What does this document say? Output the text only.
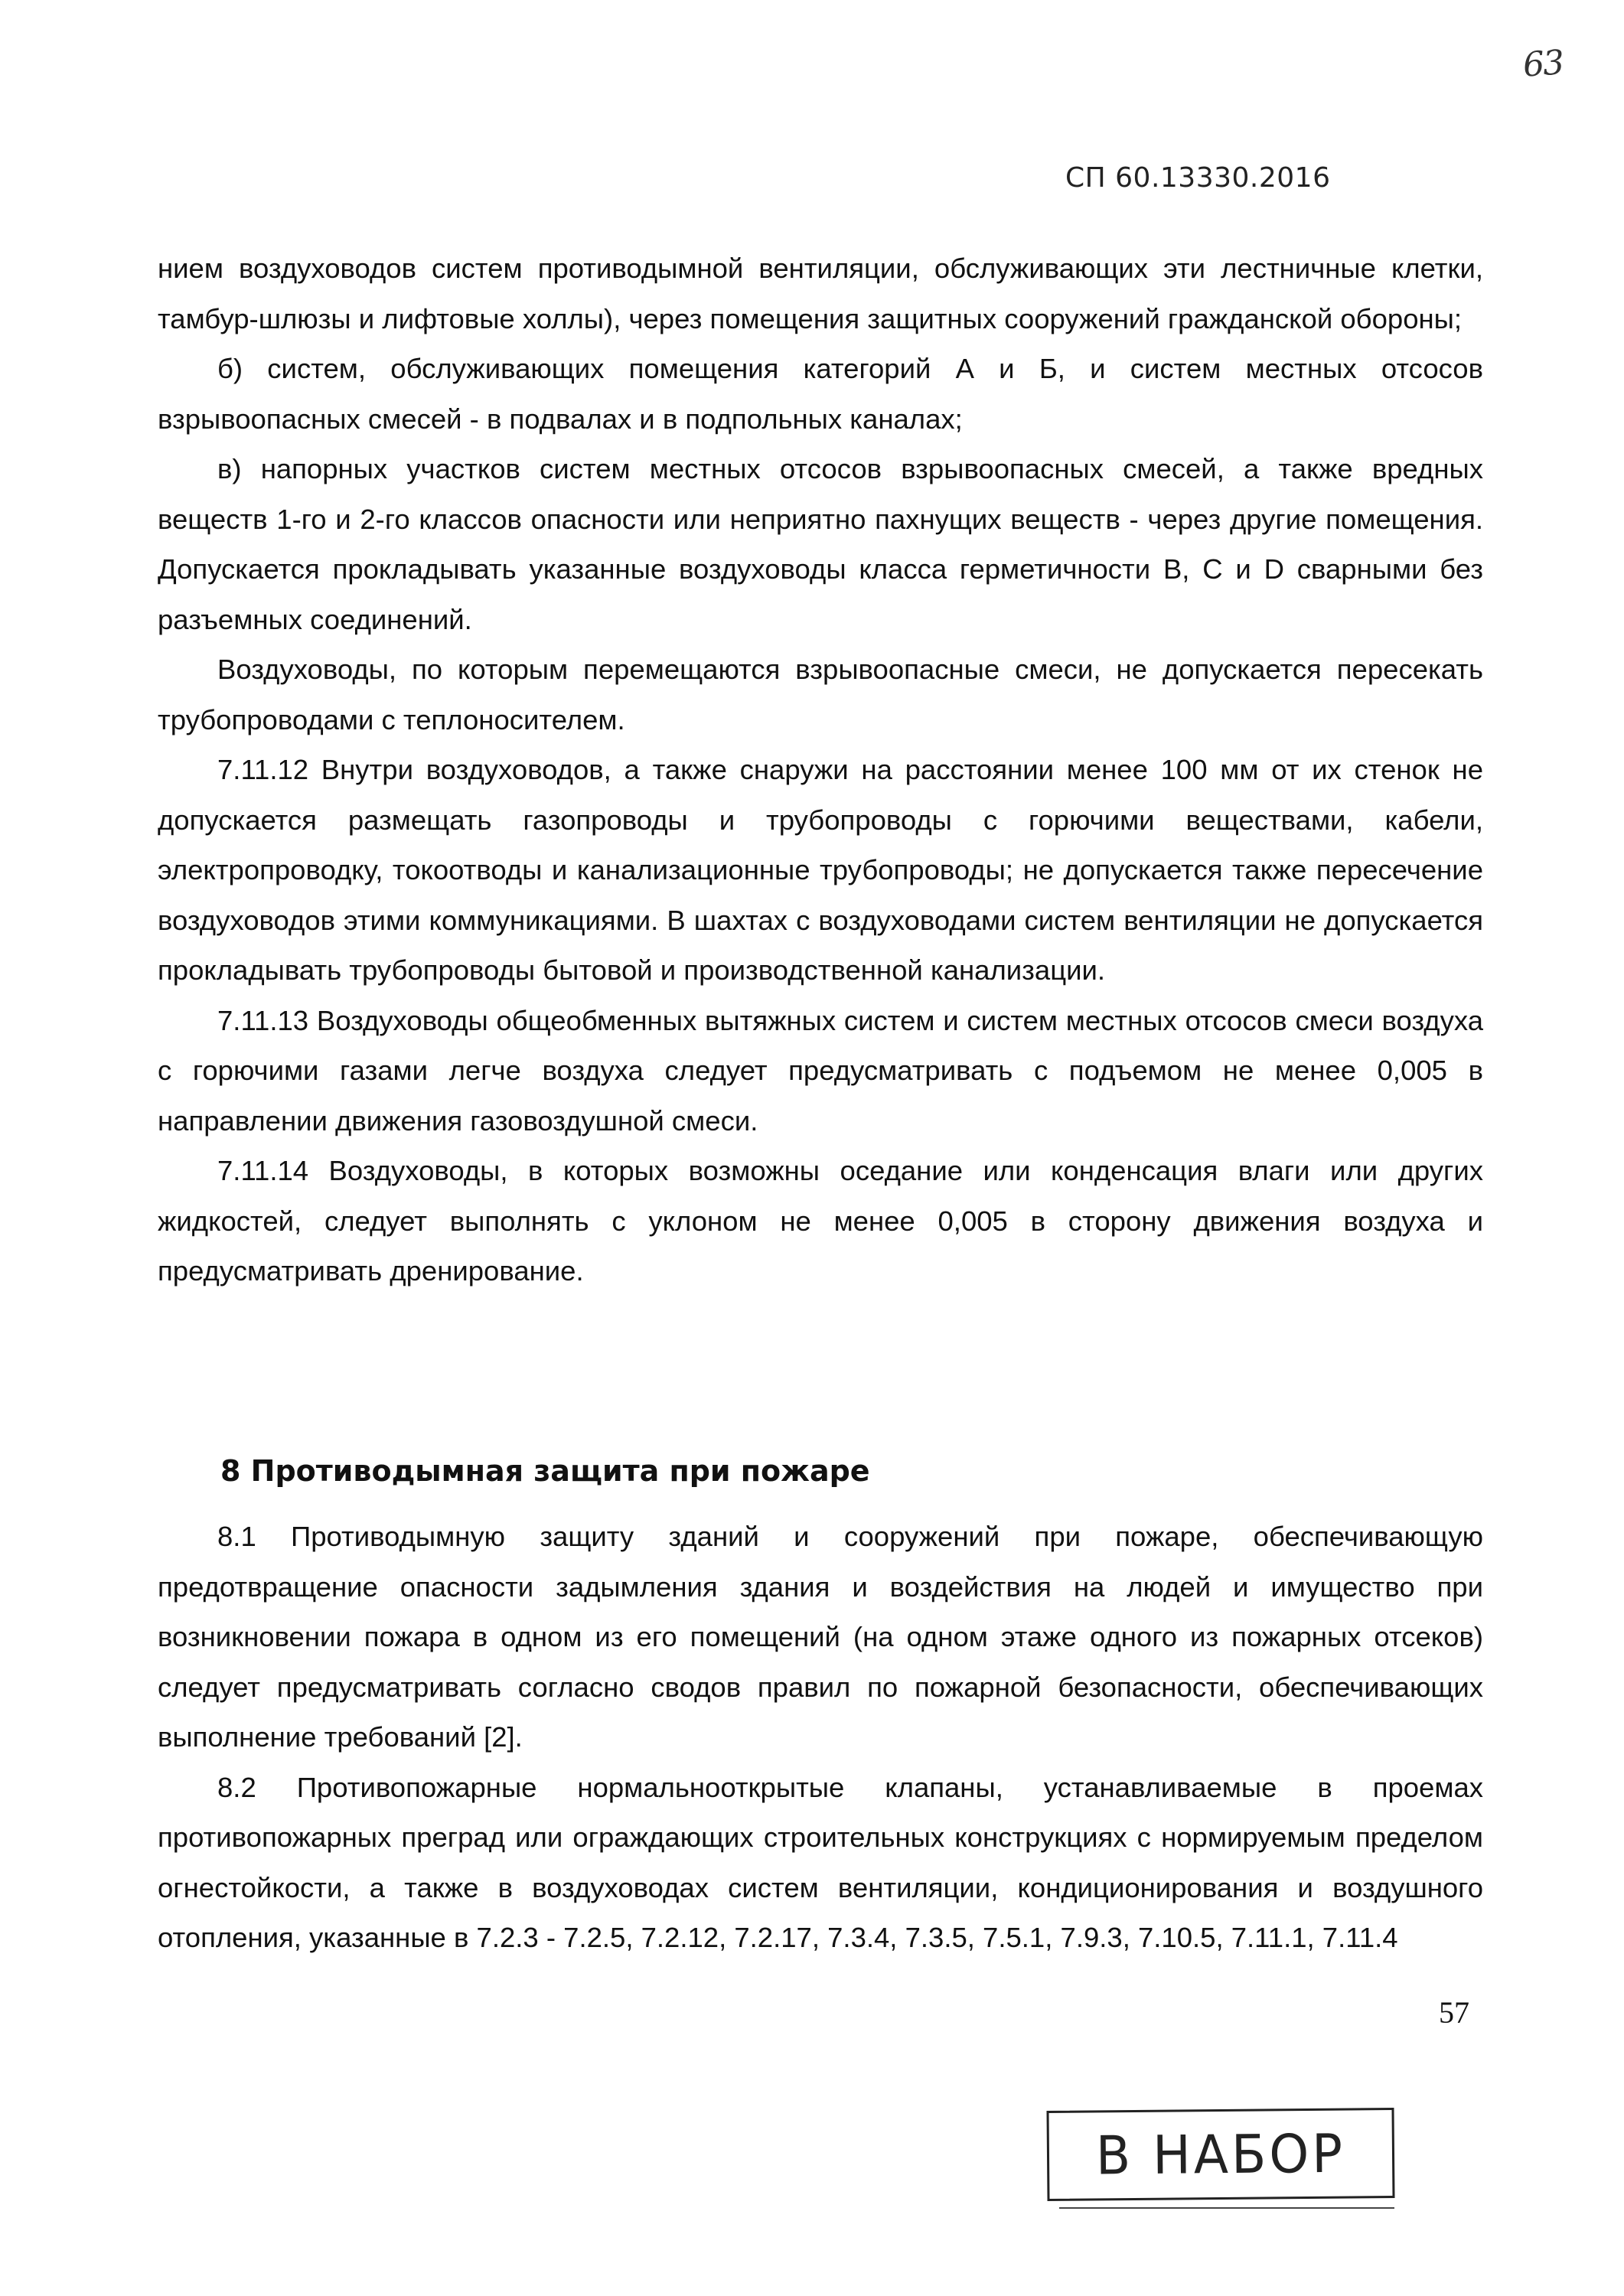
63
СП 60.13330.2016

нием воздуховодов систем противодымной вентиляции, обслуживающих эти лестничные клетки, тамбур-шлюзы и лифтовые холлы), через помещения защитных сооружений гражданской обороны;

б) систем, обслуживающих помещения категорий А и Б, и систем местных отсосов взрывоопасных смесей - в подвалах и в подпольных каналах;

в) напорных участков систем местных отсосов взрывоопасных смесей, а также вредных веществ 1-го и 2-го классов опасности или неприятно пахнущих веществ - через другие помещения. Допускается прокладывать указанные воздуховоды класса герметичности В, С и D сварными без разъемных соединений.

Воздуховоды, по которым перемещаются взрывоопасные смеси, не допускается пересекать трубопроводами с теплоносителем.

7.11.12 Внутри воздуховодов, а также снаружи на расстоянии менее 100 мм от их стенок не допускается размещать газопроводы и трубопроводы с горючими веществами, кабели, электропроводку, токоотводы и канализационные трубопроводы; не допускается также пересечение воздуховодов этими коммуникациями. В шахтах с воздуховодами систем вентиляции не допускается прокладывать трубопроводы бытовой и производственной канализации.

7.11.13 Воздуховоды общеобменных вытяжных систем и систем местных отсосов смеси воздуха с горючими газами легче воздуха следует предусматривать с подъемом не менее 0,005 в направлении движения газовоздушной смеси.

7.11.14 Воздуховоды, в которых возможны оседание или конденсация влаги или других жидкостей, следует выполнять с уклоном не менее 0,005 в сторону движения воздуха и предусматривать дренирование.

8 Противодымная защита при пожаре

8.1 Противодымную защиту зданий и сооружений при пожаре, обеспечивающую предотвращение опасности задымления здания и воздействия на людей и имущество при возникновении пожара в одном из его помещений (на одном этаже одного из пожарных отсеков) следует предусматривать согласно сводов правил по пожарной безопасности, обеспечивающих выполнение требований [2].

8.2 Противопожарные нормальнооткрытые клапаны, устанавливаемые в проемах противопожарных преград или ограждающих строительных конструкциях с нормируемым пределом огнестойкости, а также в воздуховодах систем вентиляции, кондиционирования и воздушного отопления, указанные в 7.2.3 - 7.2.5, 7.2.12, 7.2.17, 7.3.4, 7.3.5, 7.5.1, 7.9.3, 7.10.5, 7.11.1, 7.11.4

57
В НАБОР
